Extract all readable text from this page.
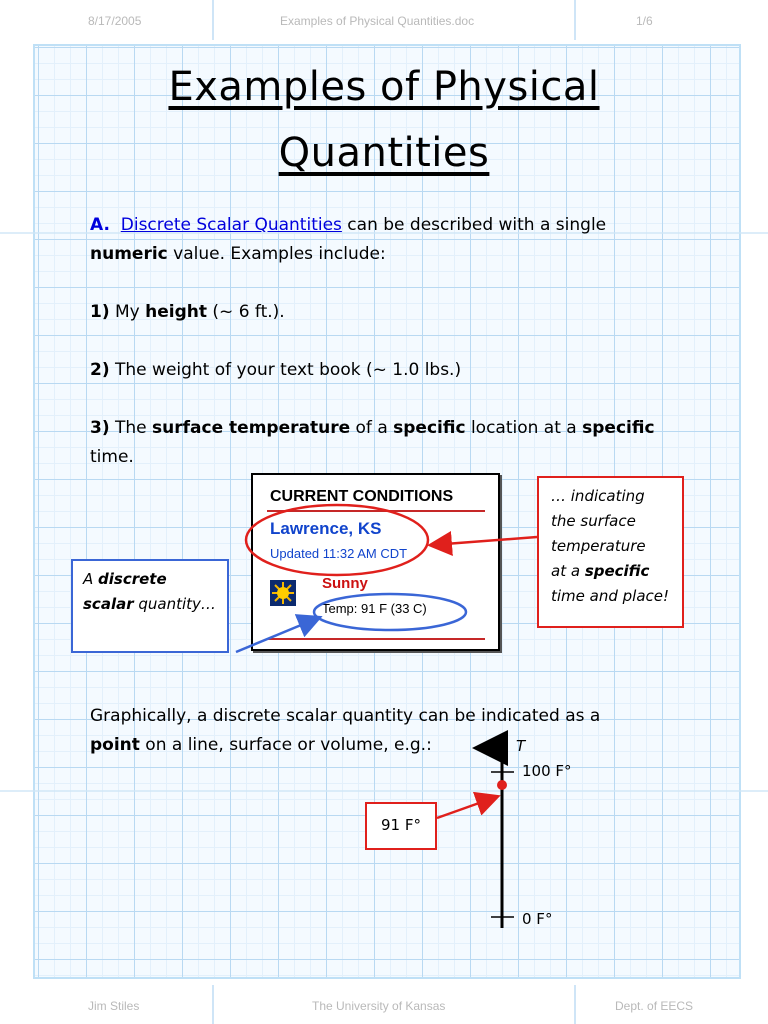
8/17/2005	Examples of Physical Quantities.doc	1/6
Examples of Physical
Quantities
A. Discrete Scalar Quantities can be described with a single
numeric value. Examples include:
1) My height (~ 6 ft.).
2) The weight of your text book (~ 1.0 lbs.)
3) The surface temperature of a specific location at a specific
time.
CURRENT CONDITIONS
Lawrence, KS
Updated 11:32 AM CDT
Sunny
Temp: 91 F (33 C)
A discrete
scalar quantity…
… indicating
the surface
temperature
at a specific
time and place!
Graphically, a discrete scalar quantity can be indicated as a
point on a line, surface or volume, e.g.:
91 F°
T
100 F°
0 F°
Jim Stiles	The University of Kansas	Dept. of EECS
